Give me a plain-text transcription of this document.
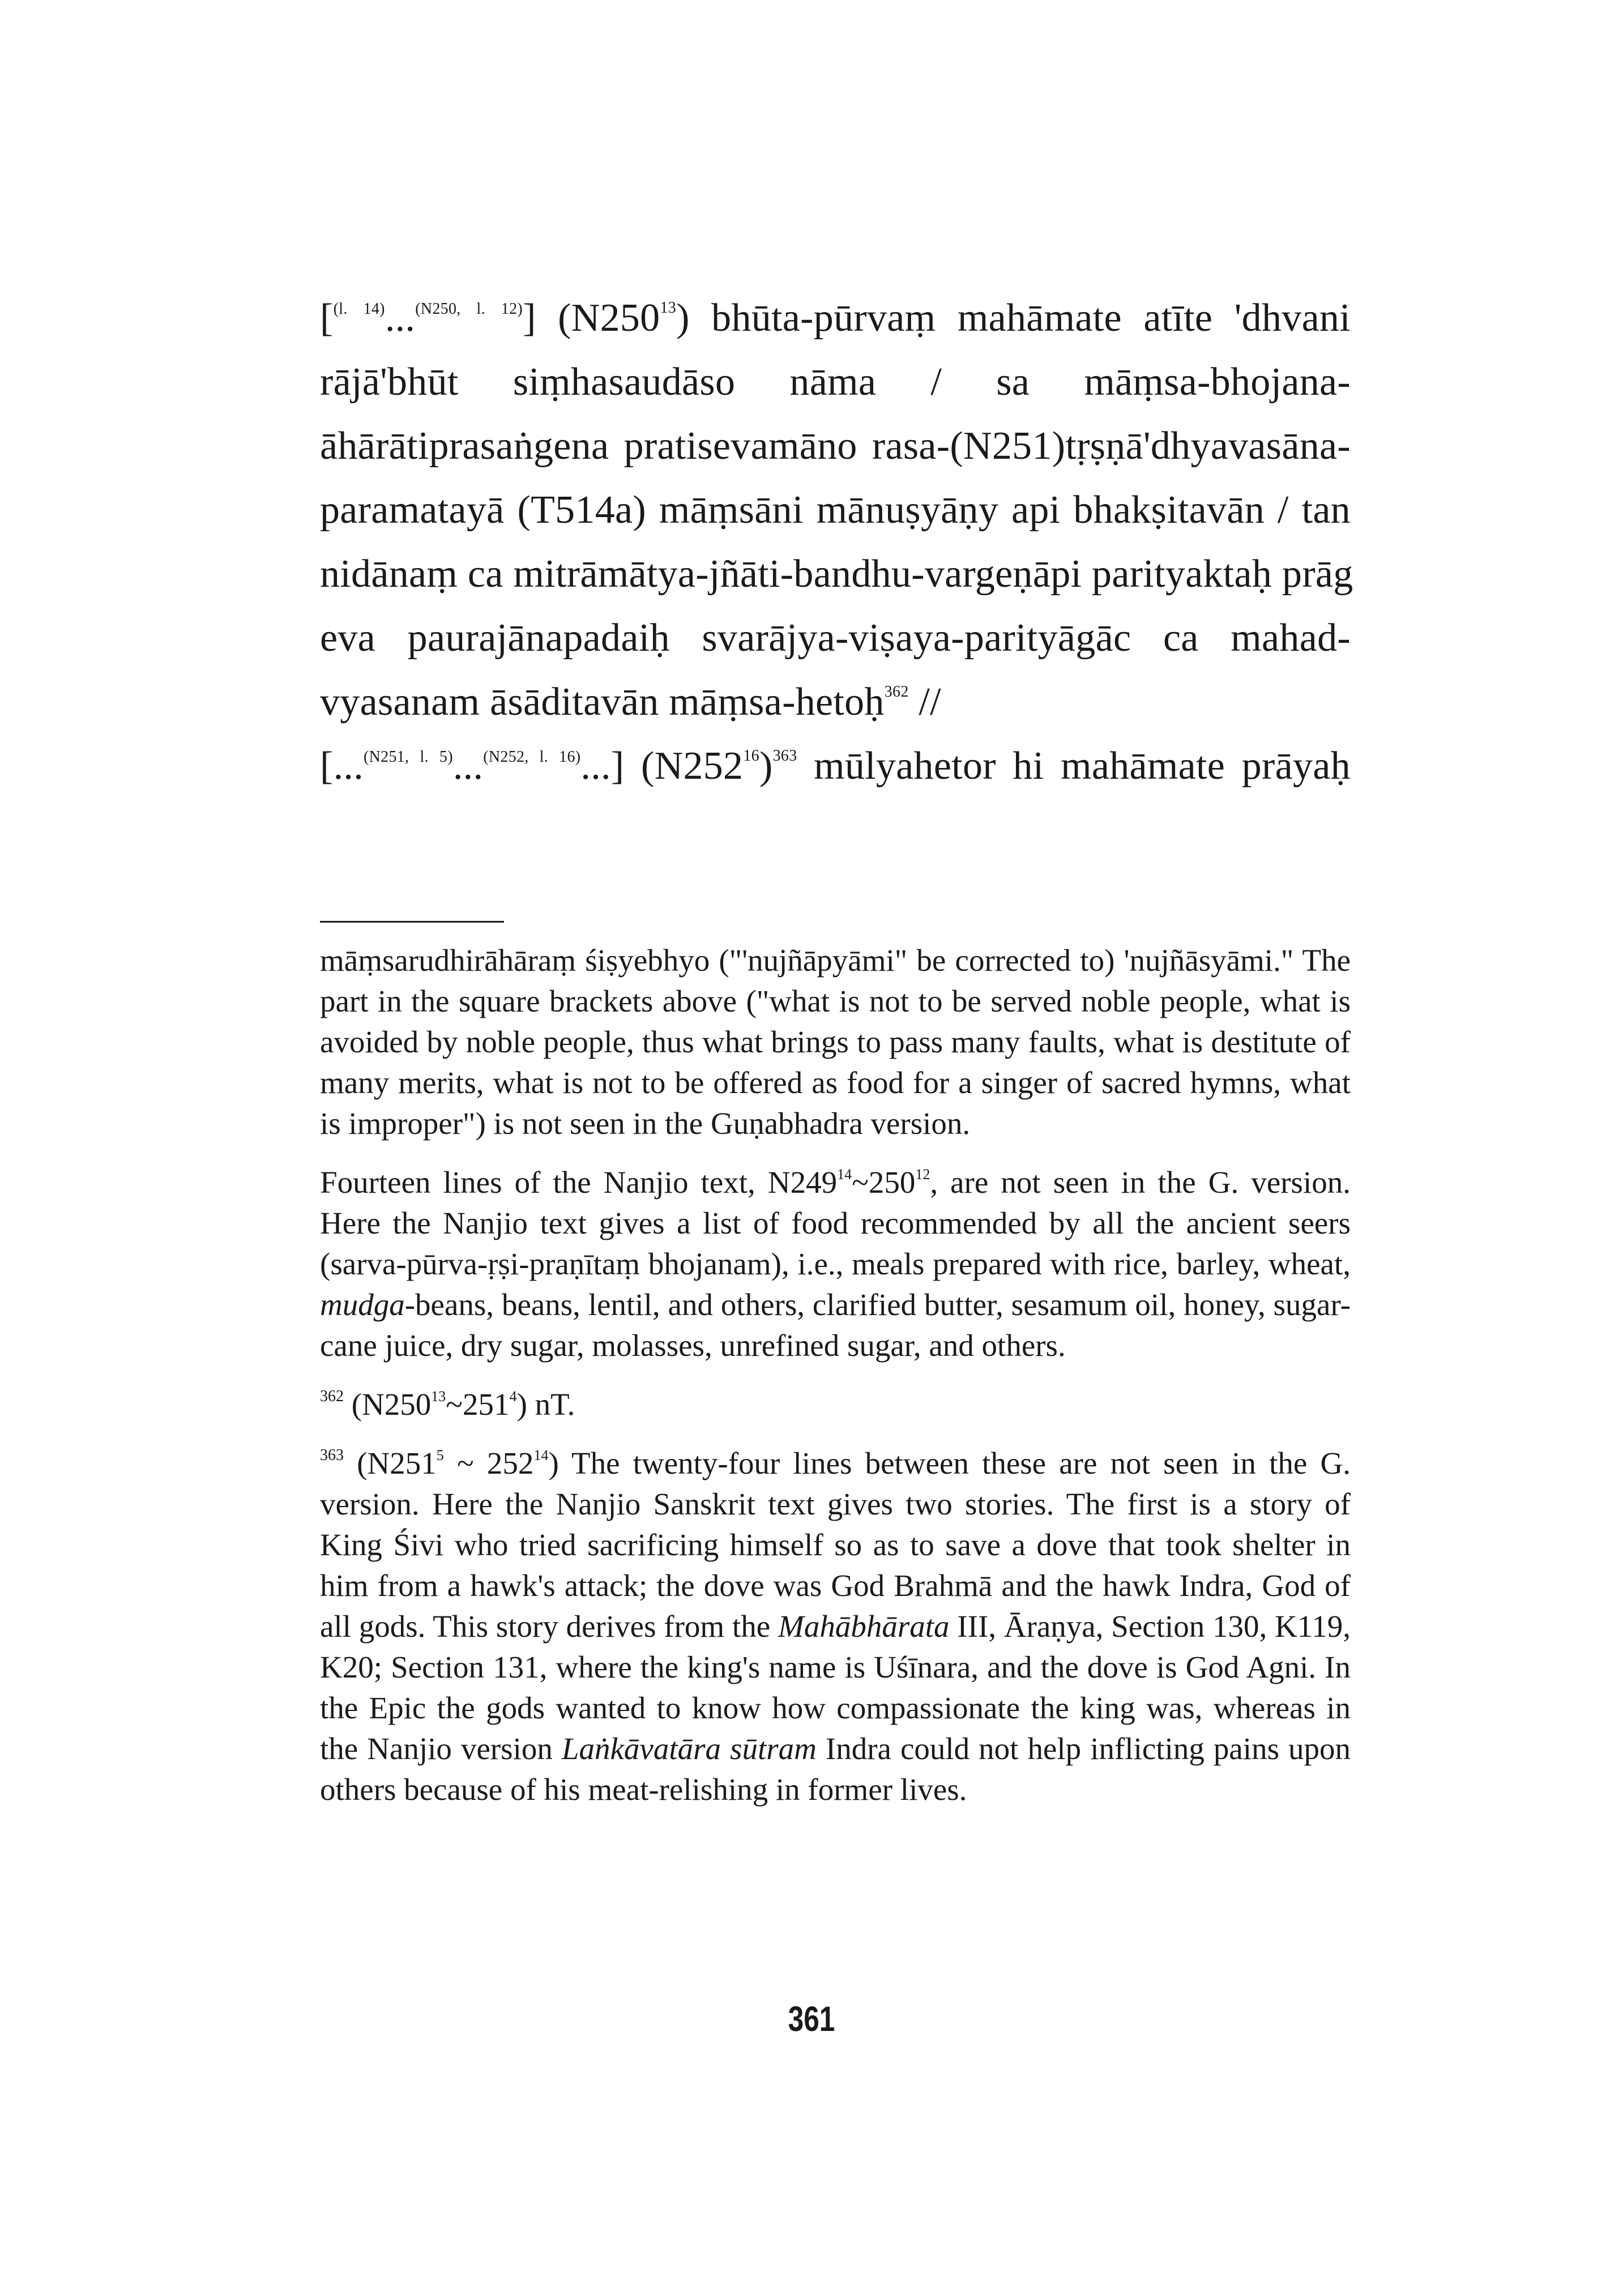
[$^{(l. 14)}$...$^{(N250, l. 12)}$] $(N250^{13})$ bhūta-pūrvaṃ mahāmate atīte 'dhvani
rājā'bhūt siṃhasaudāso nāma / sa māṃsa-bhojana-
āhārātiprasaṅgena pratisevamāno rasa-(N251)tṛṣṇā'dhyavasāna-
paramatayā (T514a) māṃsāni mānuṣyāṇy api bhakṣitavān / tan
nidānaṃ ca mitrāmātya-jñāti-bandhu-vargeṇāpi parityaktaḥ prāg
eva paurajānapadaiḥ svarājya-viṣaya-parityāgāc ca mahad-
vyasanam āsāditavān māṃsa-hetoḥ$^{362}$ //
[...$^{(N251, l. 5)}$...$^{(N252, l. 16)}$...] $(N252^{16})^{363}$ mūlyahetor hi mahāmate prāyaḥ

māṃsarudhirāhāraṃ śiṣyebhyo ("'nujñāpyāmi" be corrected to) 'nujñāsyāmi." The part in the square brackets above ("what is not to be served noble people, what is avoided by noble people, thus what brings to pass many faults, what is destitute of many merits, what is not to be offered as food for a singer of sacred hymns, what is improper") is not seen in the Guṇabhadra version.

Fourteen lines of the Nanjio text, $N249^{14}\sim 250^{12}$, are not seen in the G. version. Here the Nanjio text gives a list of food recommended by all the ancient seers (sarva-pūrva-ṛṣi-praṇītaṃ bhojanam), i.e., meals prepared with rice, barley, wheat, mudga-beans, beans, lentil, and others, clarified butter, sesamum oil, honey, sugar-cane juice, dry sugar, molasses, unrefined sugar, and others.

$^{362}$ $(N250^{13}\sim 251^4)$ nT.

$^{363}$ ($N251^5$ ~ $252^{14}$) The twenty-four lines between these are not seen in the G. version. Here the Nanjio Sanskrit text gives two stories. The first is a story of King Śivi who tried sacrificing himself so as to save a dove that took shelter in him from a hawk's attack; the dove was God Brahmā and the hawk Indra, God of all gods. This story derives from the Mahābhārata III, Āraṇya, Section 130, K119, K20; Section 131, where the king's name is Uśīnara, and the dove is God Agni. In the Epic the gods wanted to know how compassionate the king was, whereas in the Nanjio version Laṅkāvatāra sūtram Indra could not help inflicting pains upon others because of his meat-relishing in former lives.

361
